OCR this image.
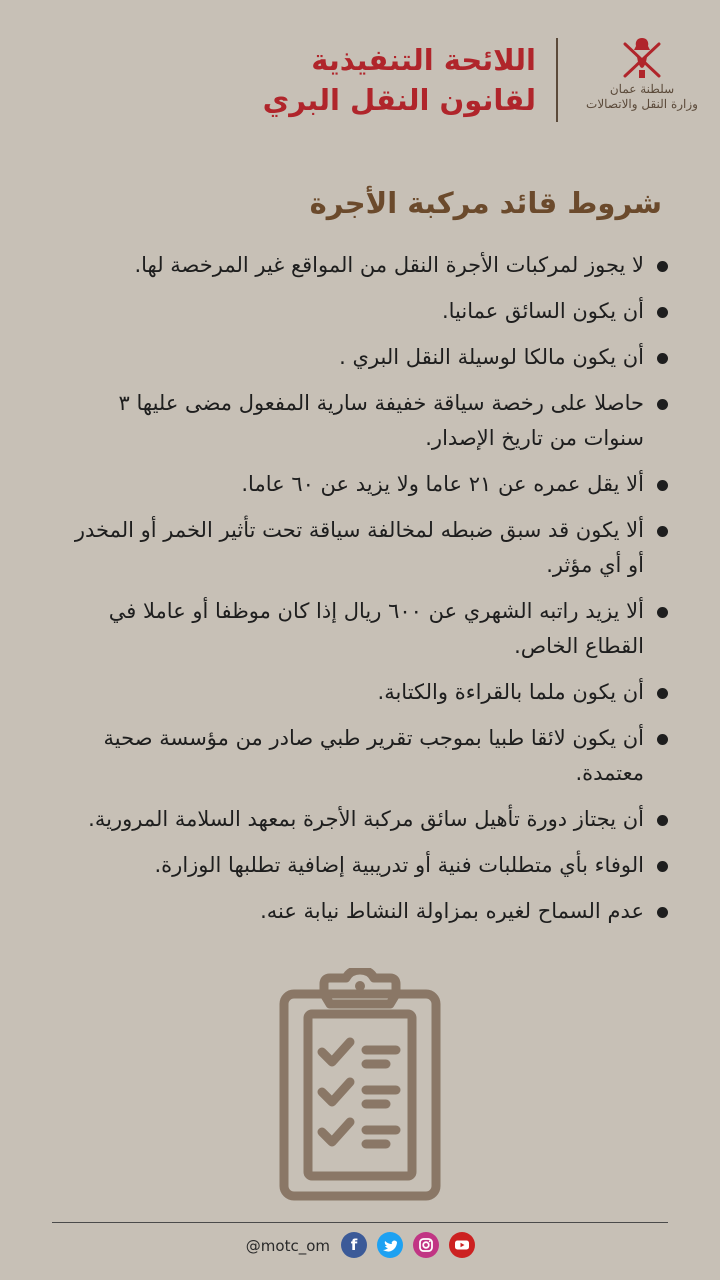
سلطنة عمان
وزارة النقل والاتصالات
اللائحة التنفيذية
لقانون النقل البري
شروط قائد مركبة الأجرة
لا يجوز لمركبات الأجرة النقل من المواقع غير المرخصة لها.
أن يكون السائق عمانيا.
أن يكون مالكا لوسيلة النقل البري .
حاصلا على رخصة سياقة خفيفة سارية المفعول مضى عليها ٣ سنوات من تاريخ الإصدار.
ألا يقل عمره عن ٢١ عاما ولا يزيد عن ٦٠ عاما.
ألا يكون قد سبق ضبطه لمخالفة سياقة تحت تأثير الخمر أو المخدر أو أي مؤثر.
ألا يزيد راتبه الشهري عن ٦٠٠ ريال إذا كان موظفا أو عاملا في القطاع الخاص.
أن يكون ملما بالقراءة والكتابة.
أن يكون لائقا طبيا بموجب تقرير طبي صادر من مؤسسة صحية معتمدة.
أن يجتاز دورة تأهيل سائق مركبة الأجرة بمعهد السلامة المرورية.
الوفاء بأي متطلبات فنية أو تدريبية إضافية تطلبها الوزارة.
عدم السماح لغيره بمزاولة النشاط نيابة عنه.
@motc_om	f
